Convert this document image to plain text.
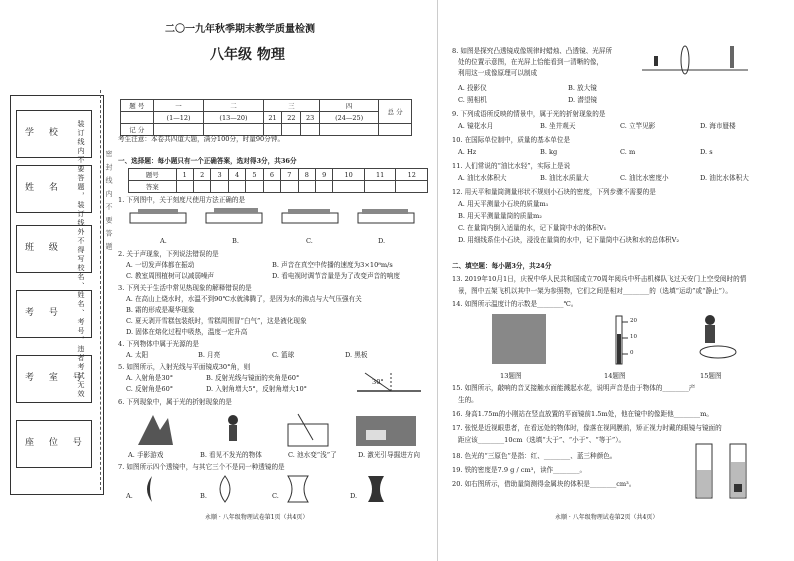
学 校
姓 名
班 级
考 号
考 室 号
座 位 号
装订线内不要答题，装订线外不得写校名、姓名、考号，违者考试无效	密 封 线 内 不 要 答 题
二〇一九年秋季期末教学质量检测
八年级 物理
题 号	一	二	三			四	总 分
	(1—12)	(13—20)	21	22	23	(24—25)	
记 分							
考生注意：本卷共四道大题，满分100分，时量90分钟。
一、选择题：每小题只有一个正确答案，选对得3分，共36分
题号	1	2	3	4	5	6	7	8	9	10	11	12
答案												
1. 下列图中，关于刻度尺使用方法正确的是
A.	B.	C.	D.
2. 关于声现象，下列说法错误的是
A. 一切发声体都在振动	B. 声音在真空中传播的速度为3×10⁸m/s
C. 教室周围植树可以减弱噪声	D. 看电视时调节音量是为了改变声音的响度
3. 下列关于生活中常见热现象的解释错误的是
A. 在高山上烧水时，水温不到90℃水就沸腾了，是因为水的沸点与大气压强有关
B. 霜的形成是凝华现象
C. 夏天剥开雪糕包装纸时，雪糕周围冒“白气”，这是液化现象
D. 固体在熔化过程中吸热，温度一定升高
4. 下列物体中属于光源的是
A. 太阳	B. 月亮	C. 篮球	D. 黑板
5. 如图所示，入射光线与平面镜成30°角，则
A. 入射角是30°	B. 反射光线与镜面的夹角是60°
C. 反射角是60°	D. 入射角增大5°，反射角增大10°
30°
6. 下列现象中，属于光的折射现象的是
A. 手影游戏	B. 看见不发光的物体	C. 池水变“浅”了	D. 激光引导掘进方向
7. 如图所示四个透镜中，与其它三个不是同一种透镜的是
A.	B.	C.	D.
永顺 · 八年级物理试卷第1页（共4页）
8. 如图是探究凸透镜成像规律时蜡烛、凸透镜、光屏所
处的位置示意图，在光屏上恰能看到一清晰的像，
利用这一成像原理可以制成
A. 投影仪	B. 放大镜
C. 照相机	D. 潜望镜
9. 下列成语所反映的情景中，属于光的折射现象的是
A. 镜花水月	B. 坐井观天	C. 立竿见影	D. 海市蜃楼
10. 在国际单位制中，质量的基本单位是
A. Hz	B. kg	C. m	D. s
11. 人们常说的“油比水轻”，实际上是说
A. 油比水体积大	B. 油比水质量大	C. 油比水密度小	D. 油比水体积大
12. 用天平和量筒测量形状不规则小石块的密度，下列步骤不需要的是
A. 用天平测量小石块的质量m₁
B. 用天平测量量筒的质量m₂
C. 在量筒内倒入适量的水，记下量筒中水的体积V₁
D. 用细线系住小石块，浸没在量筒的水中，记下量筒中石块和水的总体积V₂
二、填空题：每小题3分，共24分
13. 2019年10月1日，庆祝中华人民共和国成立70周年阅兵中歼击机梯队飞过天安门上空受阅时的情
景，图中五架飞机以其中一架为参照物，它们之间是相对________的（选填“运动”或“静止”）。
14. 如图所示温度计的示数是________℃。
20
10
0
13题图	14题图	15题图
15. 如图所示，敲响的音叉接触水面能溅起水花，说明声音是由于物体的________产
生的。
16. 身高1.75m的小刚站在竖直放置的平面镜前1.5m处，他在镜中的像距他________m。
17. 张悦是近视眼患者，在看远处的物体时，像落在视网膜前，矫正视力时戴的眼镜与镜面的
距应该________10cm（选填“大于”、“小于”、“等于”）。
18. 色光的“三原色”是指：红、________、蓝三种颜色。
19. 铁的密度是7.9 g / cm³，读作________。
20. 如右图所示，借助量筒测得金属块的体积是________cm³。
永顺 · 八年级物理试卷第2页（共4页）
